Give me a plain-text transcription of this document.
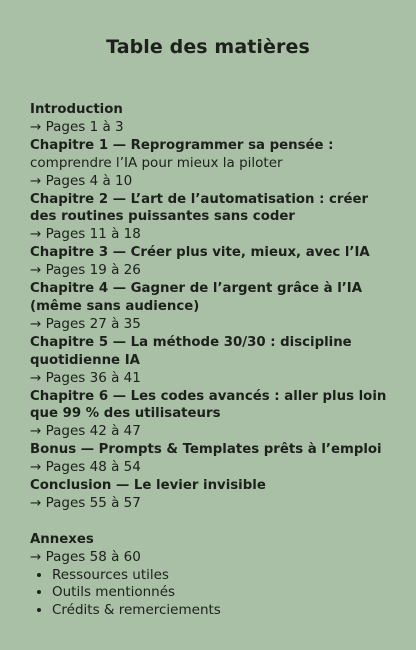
Table des matières
Introduction
→ Pages 1 à 3
Chapitre 1 — Reprogrammer sa pensée : comprendre l’IA pour mieux la piloter
→ Pages 4 à 10
Chapitre 2 — L’art de l’automatisation : créer des routines puissantes sans coder
→ Pages 11 à 18
Chapitre 3 — Créer plus vite, mieux, avec l’IA
→ Pages 19 à 26
Chapitre 4 — Gagner de l’argent grâce à l’IA (même sans audience)
→ Pages 27 à 35
Chapitre 5 — La méthode 30/30 : discipline quotidienne IA
→ Pages 36 à 41
Chapitre 6 — Les codes avancés : aller plus loin que 99 % des utilisateurs
→ Pages 42 à 47
Bonus — Prompts & Templates prêts à l’emploi
→ Pages 48 à 54
Conclusion — Le levier invisible
→ Pages 55 à 57
Annexes
→ Pages 58 à 60
• Ressources utiles
• Outils mentionnés
• Crédits & remerciements
